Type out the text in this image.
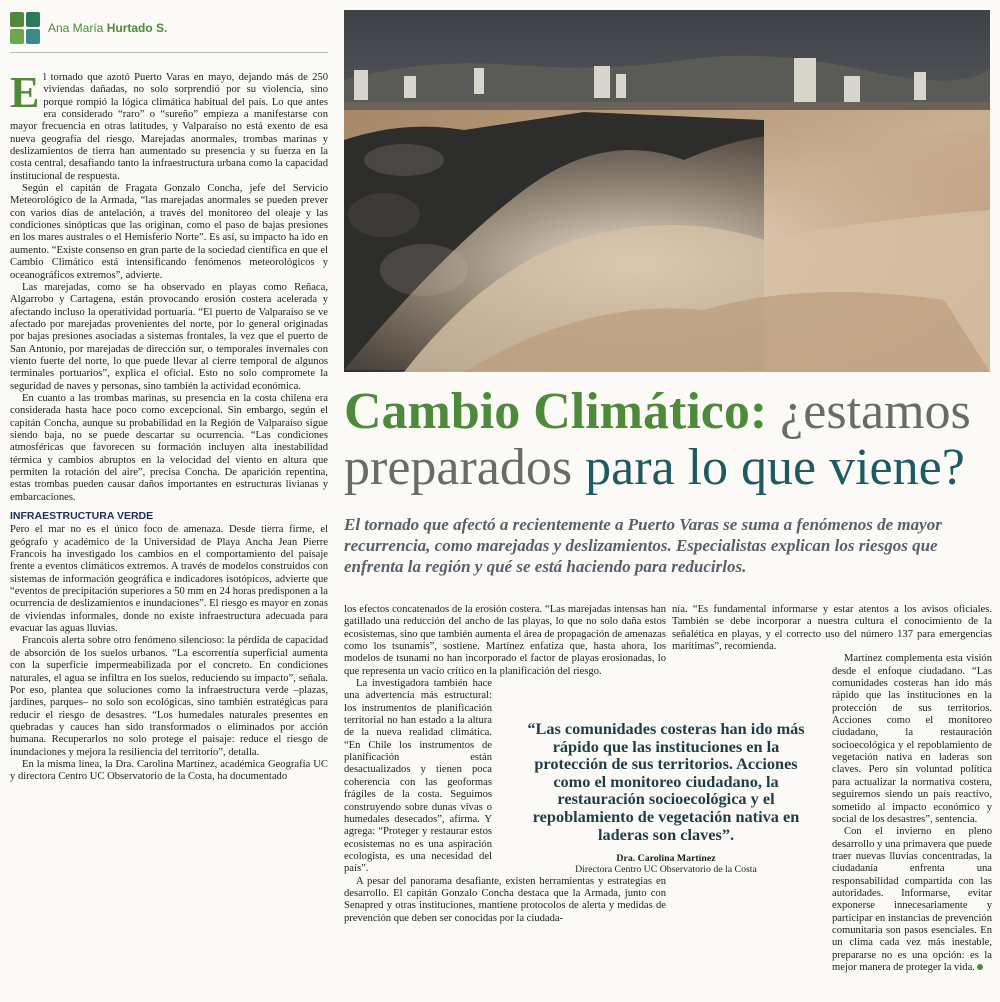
Ana María Hurtado S.

El tornado que azotó Puerto Varas en mayo, dejando más de 250 viviendas dañadas, no solo sorprendió por su violencia, sino porque rompió la lógica climática habitual del país. Lo que antes era considerado “raro” o “sureño” empieza a manifestarse con mayor frecuencia en otras latitudes, y Valparaíso no está exento de esa nueva geografía del riesgo. Marejadas anormales, trombas marinas y deslizamientos de tierra han aumentado su presencia y su fuerza en la costa central, desafiando tanto la infraestructura urbana como la capacidad institucional de respuesta.

Según el capitán de Fragata Gonzalo Concha, jefe del Servicio Meteorológico de la Armada, “las marejadas anormales se pueden prever con varios días de antelación, a través del monitoreo del oleaje y las condiciones sinópticas que las originan, como el paso de bajas presiones en los mares australes o el Hemisferio Norte”. Es así, su impacto ha ido en aumento. “Existe consenso en gran parte de la sociedad científica en que el Cambio Climático está intensificando fenómenos meteorológicos y oceanográficos extremos”, advierte.

Las marejadas, como se ha observado en playas como Reñaca, Algarrobo y Cartagena, están provocando erosión costera acelerada y afectando incluso la operatividad portuaria. “El puerto de Valparaíso se ve afectado por marejadas provenientes del norte, por lo general originadas por bajas presiones asociadas a sistemas frontales, la vez que el puerto de San Antonio, por marejadas de dirección sur, o temporales invernales con viento fuerte del norte, lo que puede llevar al cierre temporal de algunos terminales portuarios”, explica el oficial. Esto no solo compromete la seguridad de naves y personas, sino también la actividad económica.

En cuanto a las trombas marinas, su presencia en la costa chilena era considerada hasta hace poco como excepcional. Sin embargo, según el capitán Concha, aunque su probabilidad en la Región de Valparaíso sigue siendo baja, no se puede descartar su ocurrencia. “Las condiciones atmosféricas que favorecen su formación incluyen alta inestabilidad térmica y cambios abruptos en la velocidad del viento en altura que permiten la rotación del aire”, precisa Concha. De aparición repentina, estas trombas pueden causar daños importantes en estructuras livianas y embarcaciones.

INFRAESTRUCTURA VERDE

Pero el mar no es el único foco de amenaza. Desde tierra firme, el geógrafo y académico de la Universidad de Playa Ancha Jean Pierre Francois ha investigado los cambios en el comportamiento del paisaje frente a eventos climáticos extremos. A través de modelos construidos con sistemas de información geográfica e indicadores isotópicos, advierte que “eventos de precipitación superiores a 50 mm en 24 horas predisponen a la ocurrencia de deslizamientos e inundaciones”. El riesgo es mayor en zonas de viviendas informales, donde no existe infraestructura adecuada para evacuar las aguas lluvias.

Francois alerta sobre otro fenómeno silencioso: la pérdida de capacidad de absorción de los suelos urbanos. “La escorrentía superficial aumenta con la superficie impermeabilizada por el concreto. En condiciones naturales, el agua se infiltra en los suelos, reduciendo su impacto”, señala. Por eso, plantea que soluciones como la infraestructura verde –plazas, jardines, parques– no solo son ecológicas, sino también estratégicas para reducir el riesgo de desastres. “Los humedales naturales presentes en quebradas y cauces han sido transformados o eliminados por acción humana. Recuperarlos no solo protege el paisaje: reduce el riesgo de inundaciones y mejora la resiliencia del territorio”, detalla.

En la misma línea, la Dra. Carolina Martínez, académica Geografía UC y directora Centro UC Observatorio de la Costa, ha documentado

Cambio Climático: ¿estamos
preparados para lo que viene?
El tornado que afectó a recientemente a Puerto Varas se suma a fenómenos de mayor recurrencia, como marejadas y deslizamientos. Especialistas explican los riesgos que enfrenta la región y qué se está haciendo para reducirlos.

los efectos concatenados de la erosión costera. “Las marejadas intensas han gatillado una reducción del ancho de las playas, lo que no solo daña estos ecosistemas, sino que también aumenta el área de propagación de amenazas como los tsunamis”, sostiene. Martínez enfatiza que, hasta ahora, los modelos de tsunami no han incorporado el factor de playas erosionadas, lo que representa un vacío crítico en la planificación del riesgo.

La investigadora también hace una advertencia más estructural: los instrumentos de planificación territorial no han estado a la altura de la nueva realidad climática. “En Chile los instrumentos de planificación están desactualizados y tienen poca coherencia con las geoformas frágiles de la costa. Seguimos construyendo sobre dunas vivas o humedales desecados”, afirma. Y agrega: “Proteger y restaurar estos ecosistemas no es una aspiración ecologista, es una necesidad del país”.

A pesar del panorama desafiante, existen herramientas y estrategias en desarrollo. El capitán Gonzalo Concha destaca que la Armada, junto con Senapred y otras instituciones, mantiene protocolos de alerta y medidas de prevención que deben ser conocidas por la ciudada-

nía. “Es fundamental informarse y estar atentos a los avisos oficiales. También se debe incorporar a nuestra cultura el conocimiento de la señalética en playas, y el correcto uso del número 137 para emergencias marítimas”, recomienda.

Martínez complementa esta visión desde el enfoque ciudadano. “Las comunidades costeras han ido más rápido que las instituciones en la protección de sus territorios. Acciones como el monitoreo ciudadano, la restauración socioecológica y el repoblamiento de vegetación nativa en laderas son claves. Pero sin voluntad política para actualizar la normativa costera, seguiremos siendo un país reactivo, sometido al impacto económico y social de los desastres”, sentencia.

Con el invierno en pleno desarrollo y una primavera que puede traer nuevas lluvias concentradas, la ciudadanía enfrenta una responsabilidad compartida con las autoridades. Informarse, evitar exponerse innecesariamente y participar en instancias de prevención comunitaria son pasos esenciales. En un clima cada vez más inestable, prepararse no es una opción: es la mejor manera de proteger la vida.

“Las comunidades costeras han ido más rápido que las instituciones en la protección de sus territorios. Acciones como el monitoreo ciudadano, la restauración socioecológica y el repoblamiento de vegetación nativa en laderas son claves”.
Dra. Carolina Martínez
Directora Centro UC Observatorio de la Costa
